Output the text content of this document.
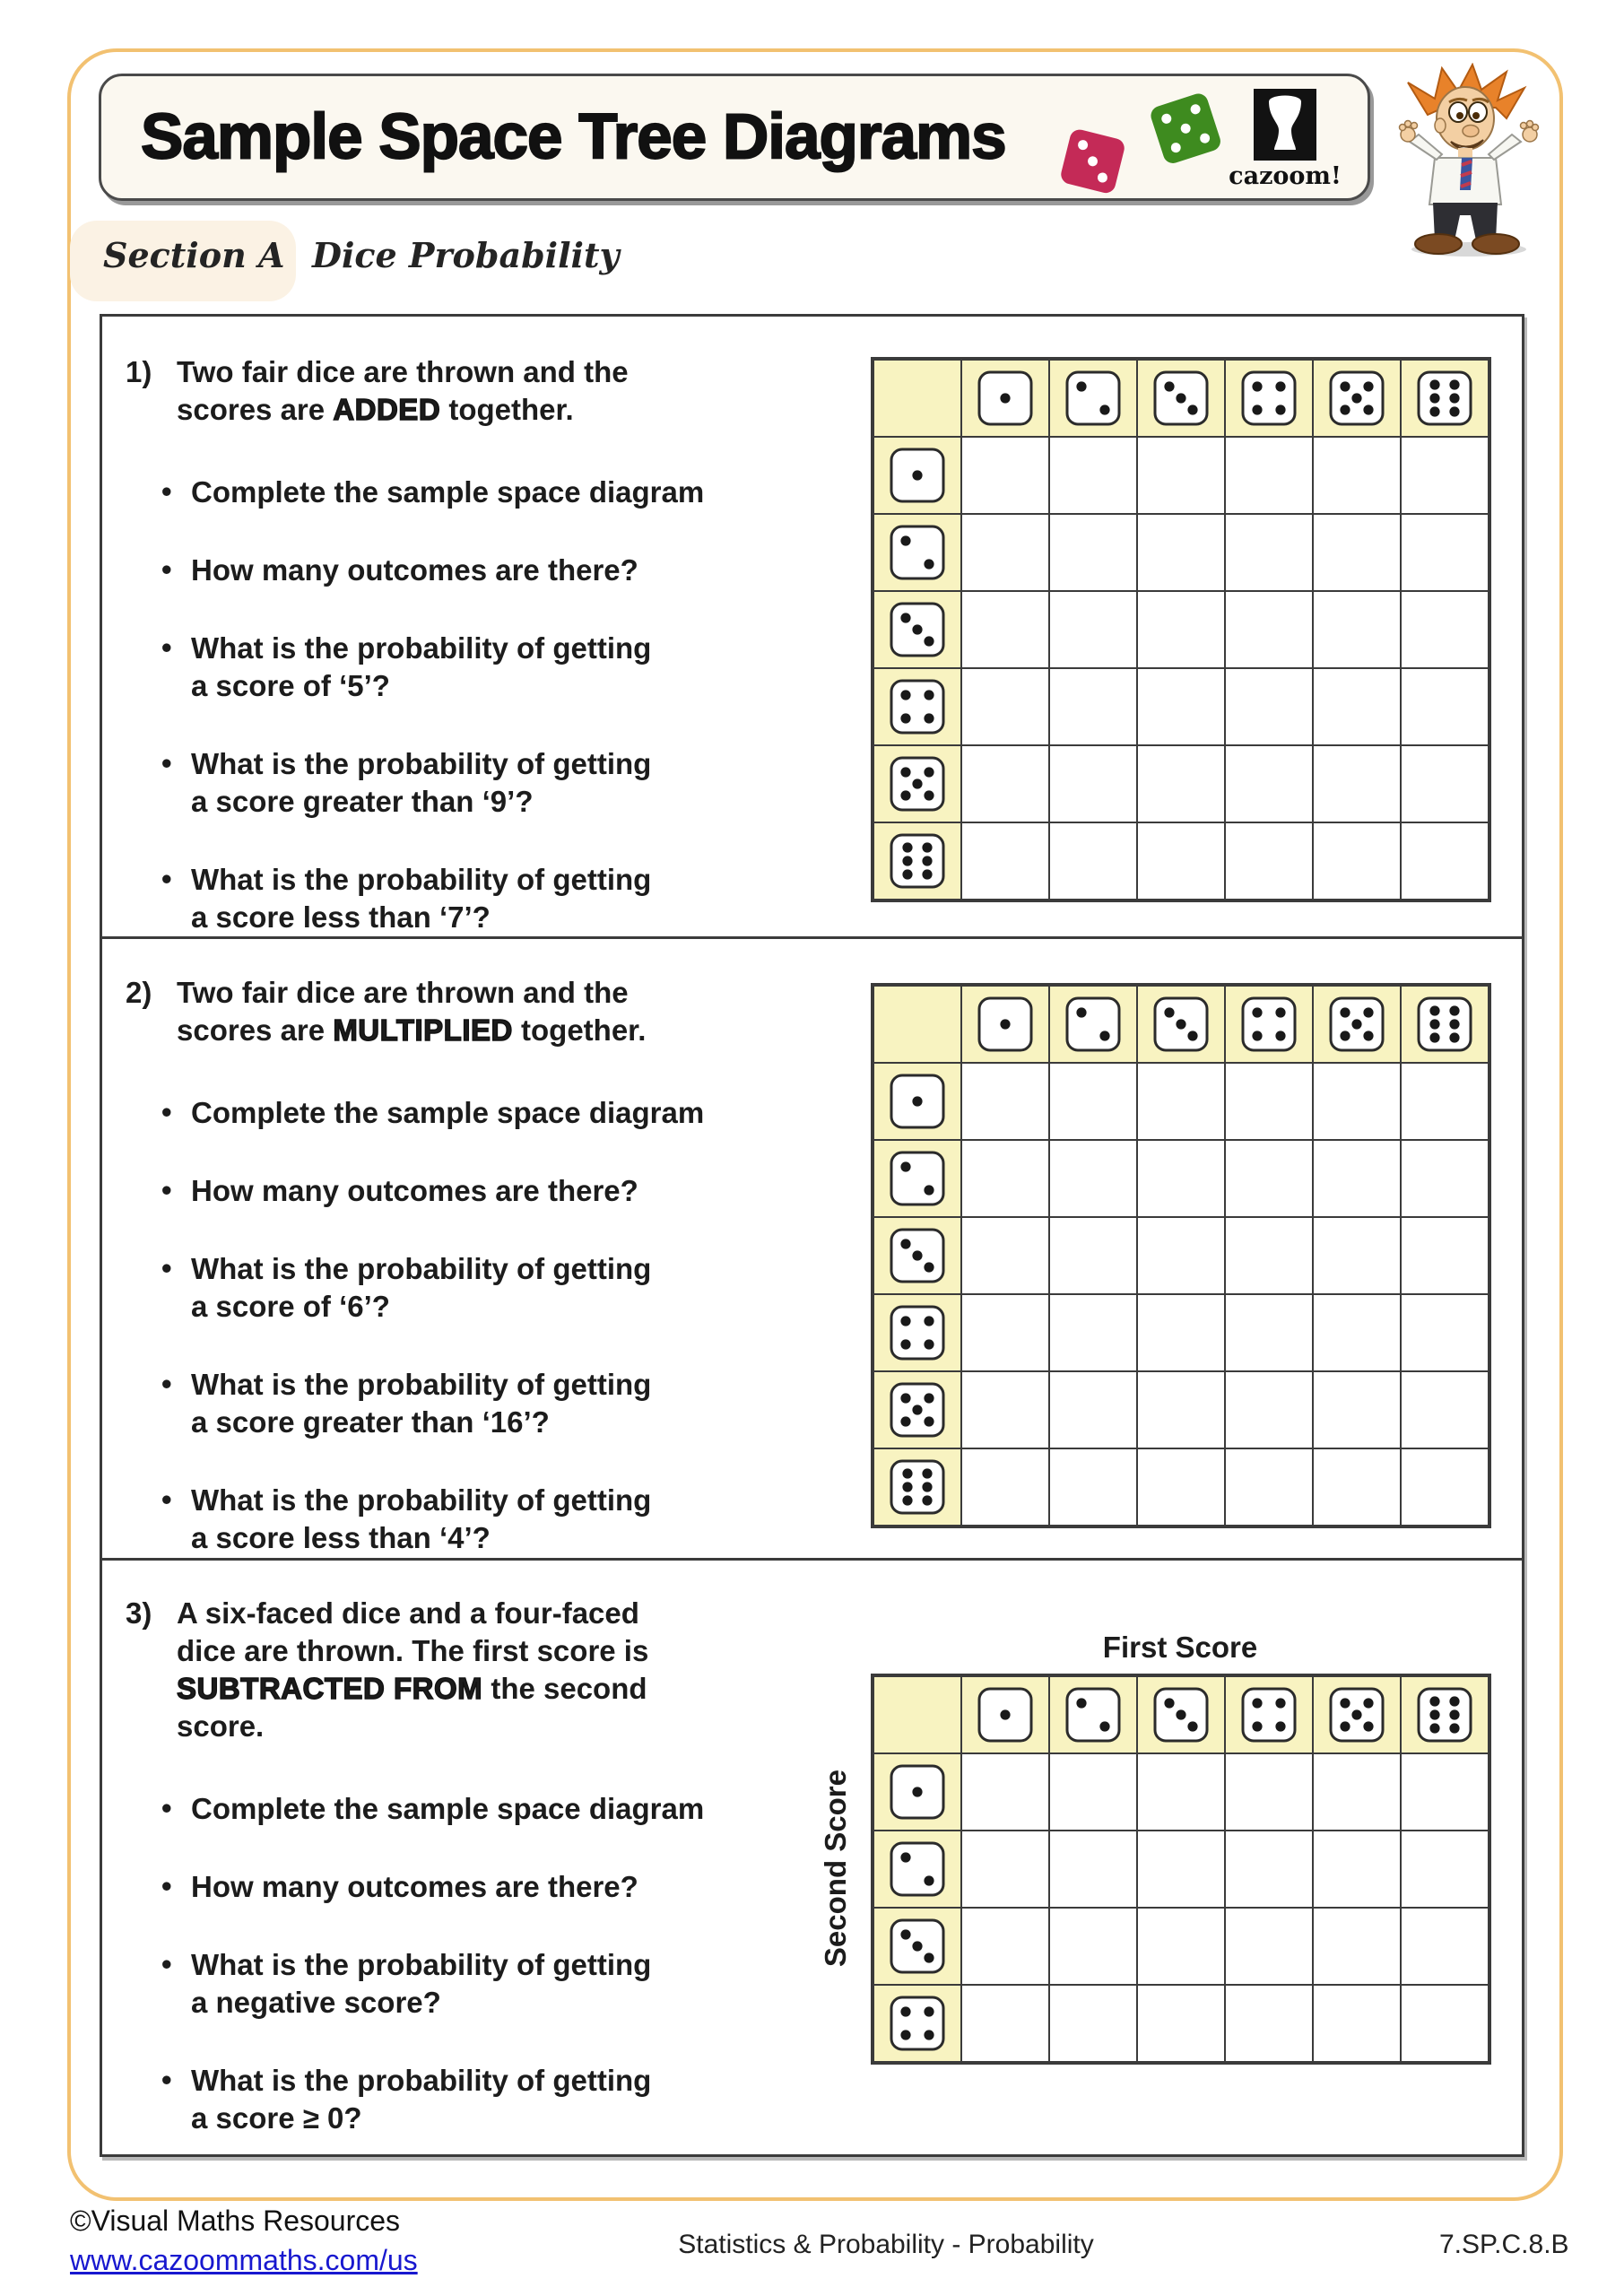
Sample Space Tree Diagrams
cazoom!
Section A Dice Probability
1) Two fair dice are thrown and the
scores are ADDED together.
• Complete the sample space diagram
• How many outcomes are there?
• What is the probability of getting
a score of ‘5’?
• What is the probability of getting
a score greater than ‘9’?
• What is the probability of getting
a score less than ‘7’?
2) Two fair dice are thrown and the
scores are MULTIPLIED together.
• Complete the sample space diagram
• How many outcomes are there?
• What is the probability of getting
a score of ‘6’?
• What is the probability of getting
a score greater than ‘16’?
• What is the probability of getting
a score less than ‘4’?
3) A six-faced dice and a four-faced
dice are thrown. The first score is
SUBTRACTED FROM the second
score.
• Complete the sample space diagram
• How many outcomes are there?
• What is the probability of getting
a negative score?
• What is the probability of getting
a score ≥ 0?
First Score
Second Score
©Visual Maths Resources
www.cazoommaths.com/us	Statistics & Probability - Probability	7.SP.C.8.B
